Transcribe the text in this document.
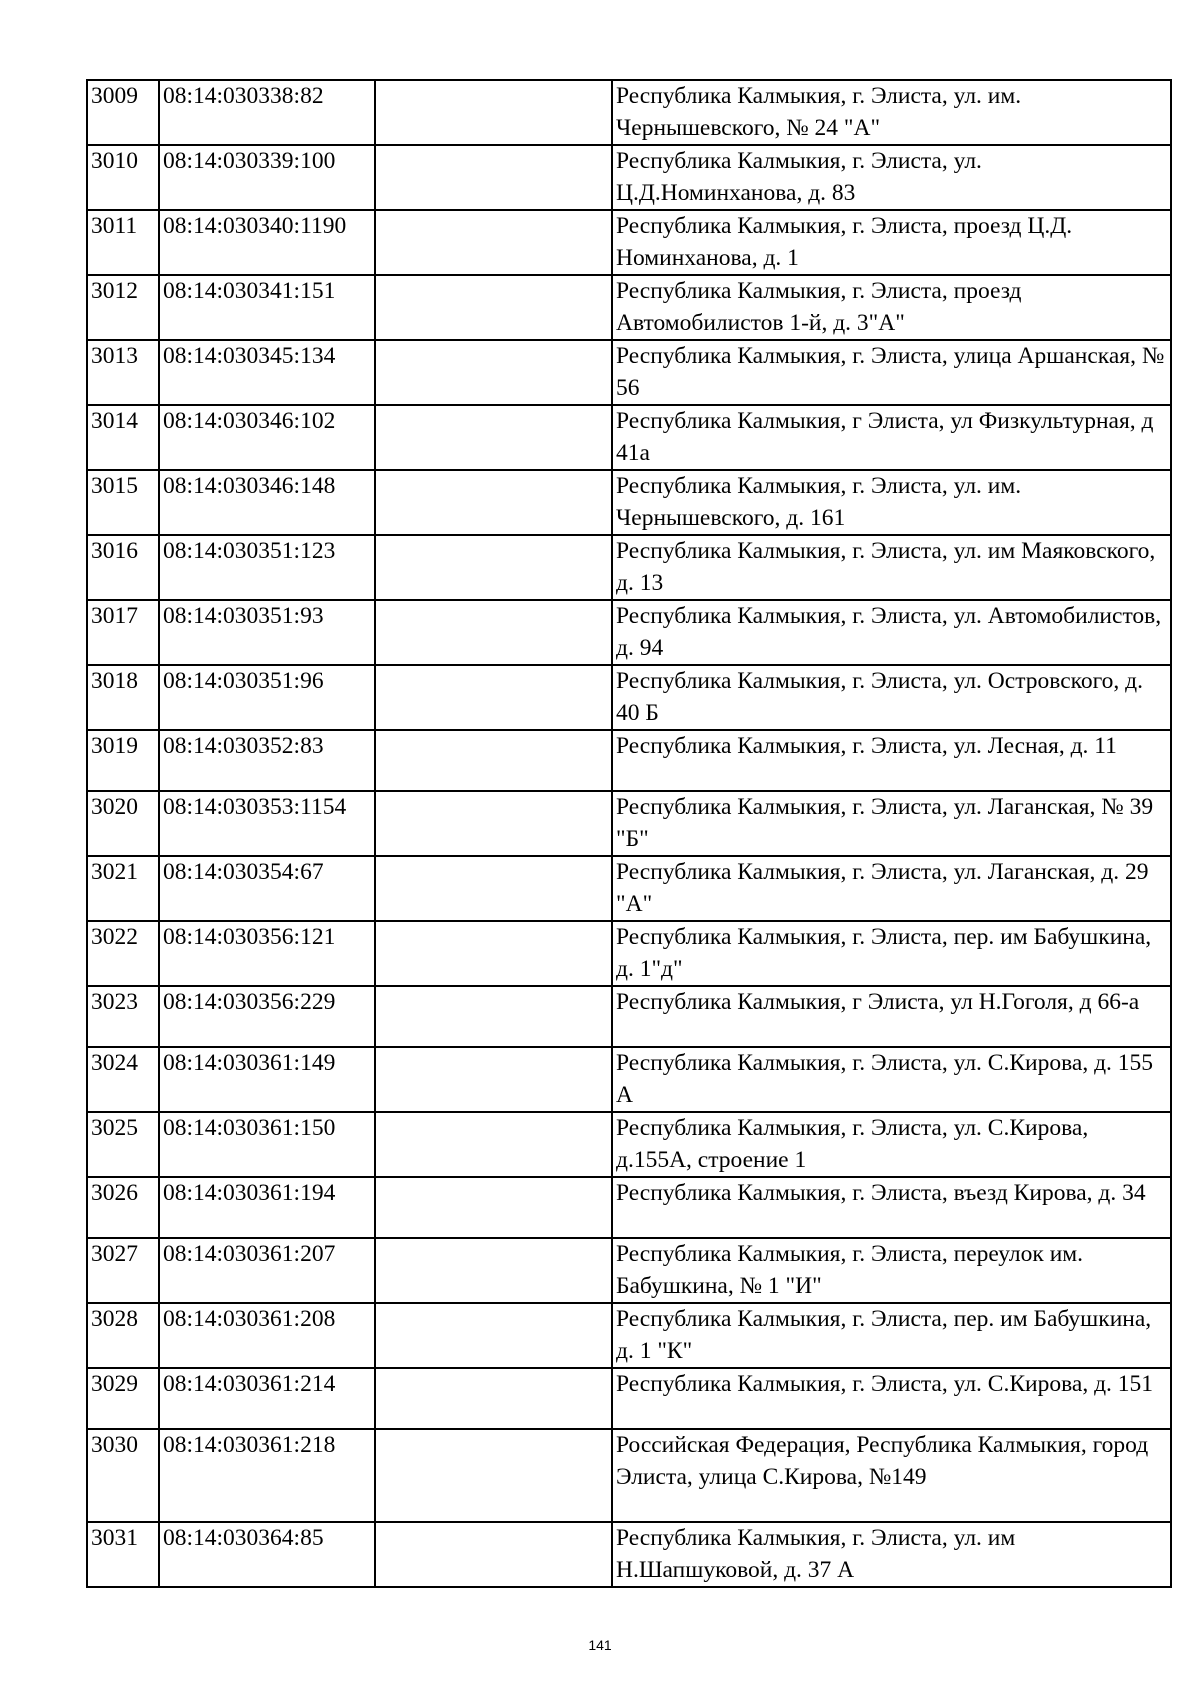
3009	08:14:030338:82		Республика Калмыкия, г. Элиста, ул. им. Чернышевского, № 24 "А"
3010	08:14:030339:100		Республика Калмыкия, г. Элиста, ул. Ц.Д.Номинханова, д. 83
3011	08:14:030340:1190		Республика Калмыкия, г. Элиста, проезд Ц.Д. Номинханова, д. 1
3012	08:14:030341:151		Республика Калмыкия, г. Элиста, проезд Автомобилистов 1-й, д. 3"А"
3013	08:14:030345:134		Республика Калмыкия, г. Элиста, улица Аршанская, № 56
3014	08:14:030346:102		Республика Калмыкия, г Элиста, ул Физкультурная, д 41а
3015	08:14:030346:148		Республика Калмыкия, г. Элиста, ул. им. Чернышевского, д. 161
3016	08:14:030351:123		Республика Калмыкия, г. Элиста, ул. им Маяковского, д. 13
3017	08:14:030351:93		Республика Калмыкия, г. Элиста, ул. Автомобилистов, д. 94
3018	08:14:030351:96		Республика Калмыкия, г. Элиста, ул. Островского, д. 40 Б
3019	08:14:030352:83		Республика Калмыкия, г. Элиста, ул. Лесная, д. 11
3020	08:14:030353:1154		Республика Калмыкия, г. Элиста, ул. Лаганская, № 39 "Б"
3021	08:14:030354:67		Республика Калмыкия, г. Элиста, ул. Лаганская, д. 29 "А"
3022	08:14:030356:121		Республика Калмыкия, г. Элиста, пер. им Бабушкина, д. 1"д"
3023	08:14:030356:229		Республика Калмыкия, г Элиста, ул Н.Гоголя, д 66-а
3024	08:14:030361:149		Республика Калмыкия, г. Элиста, ул. С.Кирова, д. 155 А
3025	08:14:030361:150		Республика Калмыкия, г. Элиста, ул. С.Кирова, д.155А, строение 1
3026	08:14:030361:194		Республика Калмыкия, г. Элиста, въезд Кирова, д. 34
3027	08:14:030361:207		Республика Калмыкия, г. Элиста, переулок им. Бабушкина, № 1 "И"
3028	08:14:030361:208		Республика Калмыкия, г. Элиста, пер. им Бабушкина, д. 1 "К"
3029	08:14:030361:214		Республика Калмыкия, г. Элиста, ул. С.Кирова, д. 151
3030	08:14:030361:218		Российская Федерация, Республика Калмыкия, город Элиста, улица С.Кирова, №149
3031	08:14:030364:85		Республика Калмыкия, г. Элиста, ул. им Н.Шапшуковой, д. 37 А
141
